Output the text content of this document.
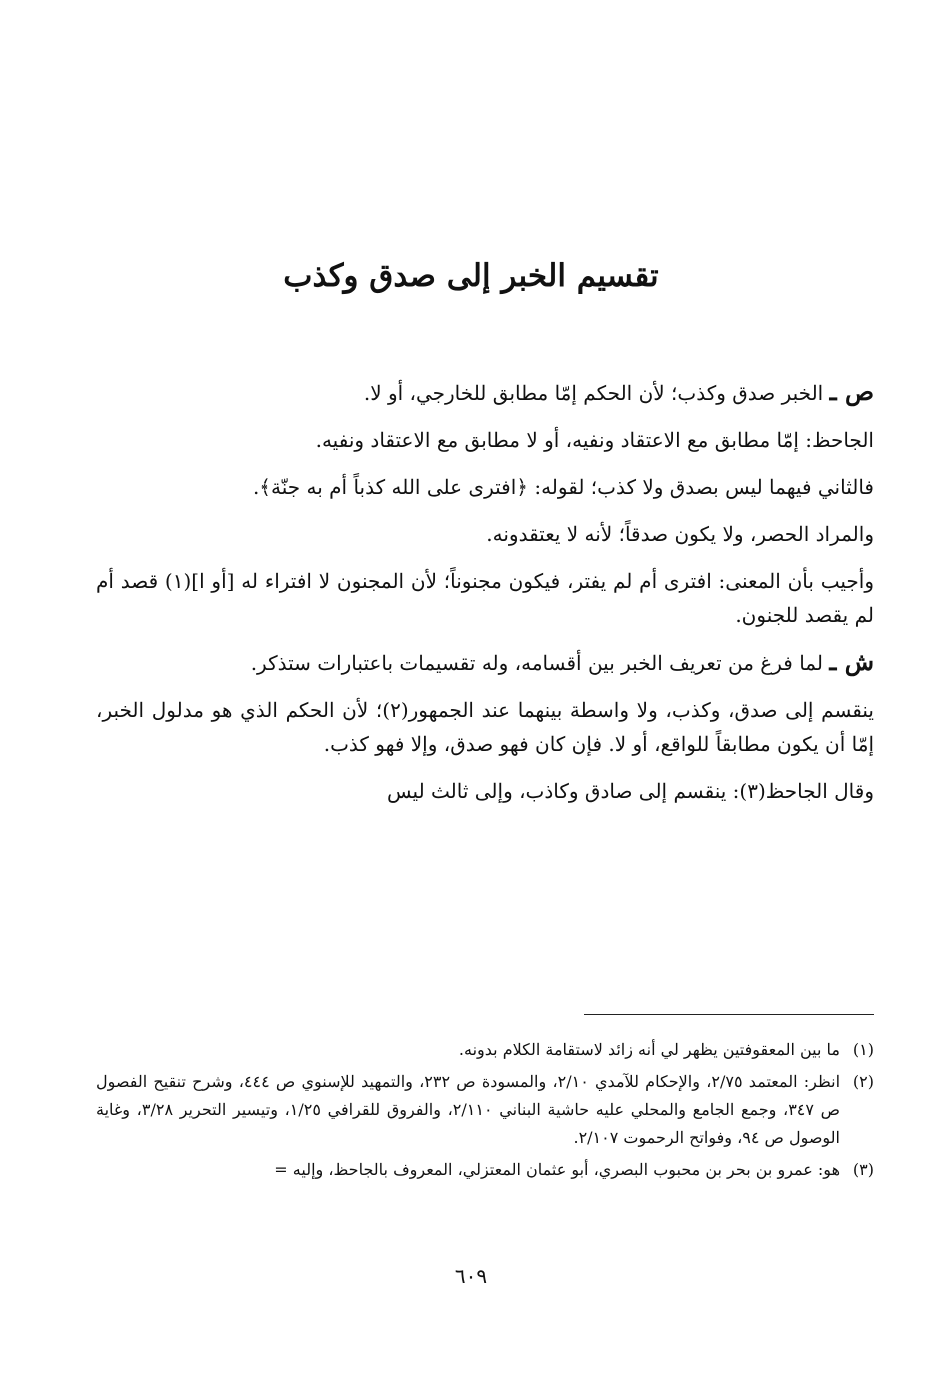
تقسيم الخبر إلى صدق وكذب

ص ـ الخبر صدق وكذب؛ لأن الحكم إمّا مطابق للخارجي، أو لا.

الجاحظ: إمّا مطابق مع الاعتقاد ونفيه، أو لا مطابق مع الاعتقاد ونفيه.

فالثاني فيهما ليس بصدق ولا كذب؛ لقوله: ﴿افترى على الله كذباً أم به جنّة﴾.

والمراد الحصر، ولا يكون صدقاً؛ لأنه لا يعتقدونه.

وأجيب بأن المعنى: افترى أم لم يفتر، فيكون مجنوناً؛ لأن المجنون لا افتراء له [أو ا](١) قصد أم لم يقصد للجنون.

ش ـ لما فرغ من تعريف الخبر بين أقسامه، وله تقسيمات باعتبارات ستذكر.

ينقسم إلى صدق، وكذب، ولا واسطة بينهما عند الجمهور(٢)؛ لأن الحكم الذي هو مدلول الخبر، إمّا أن يكون مطابقاً للواقع، أو لا. فإن كان فهو صدق، وإلا فهو كذب.

وقال الجاحظ(٣): ينقسم إلى صادق وكاذب، وإلى ثالث ليس

(١)
ما بين المعقوفتين يظهر لي أنه زائد لاستقامة الكلام بدونه.
(٢)
انظر: المعتمد ٢/٧٥، والإحكام للآمدي ٢/١٠، والمسودة ص ٢٣٢، والتمهيد للإسنوي ص ٤٤٤، وشرح تنقيح الفصول ص ٣٤٧، وجمع الجامع والمحلي عليه حاشية البناني ٢/١١٠، والفروق للقرافي ١/٢٥، وتيسير التحرير ٣/٢٨، وغاية الوصول ص ٩٤، وفواتح الرحموت ٢/١٠٧.
(٣)
هو: عمرو بن بحر بن محبوب البصري، أبو عثمان المعتزلي، المعروف بالجاحظ، وإليه =
٦٠٩
